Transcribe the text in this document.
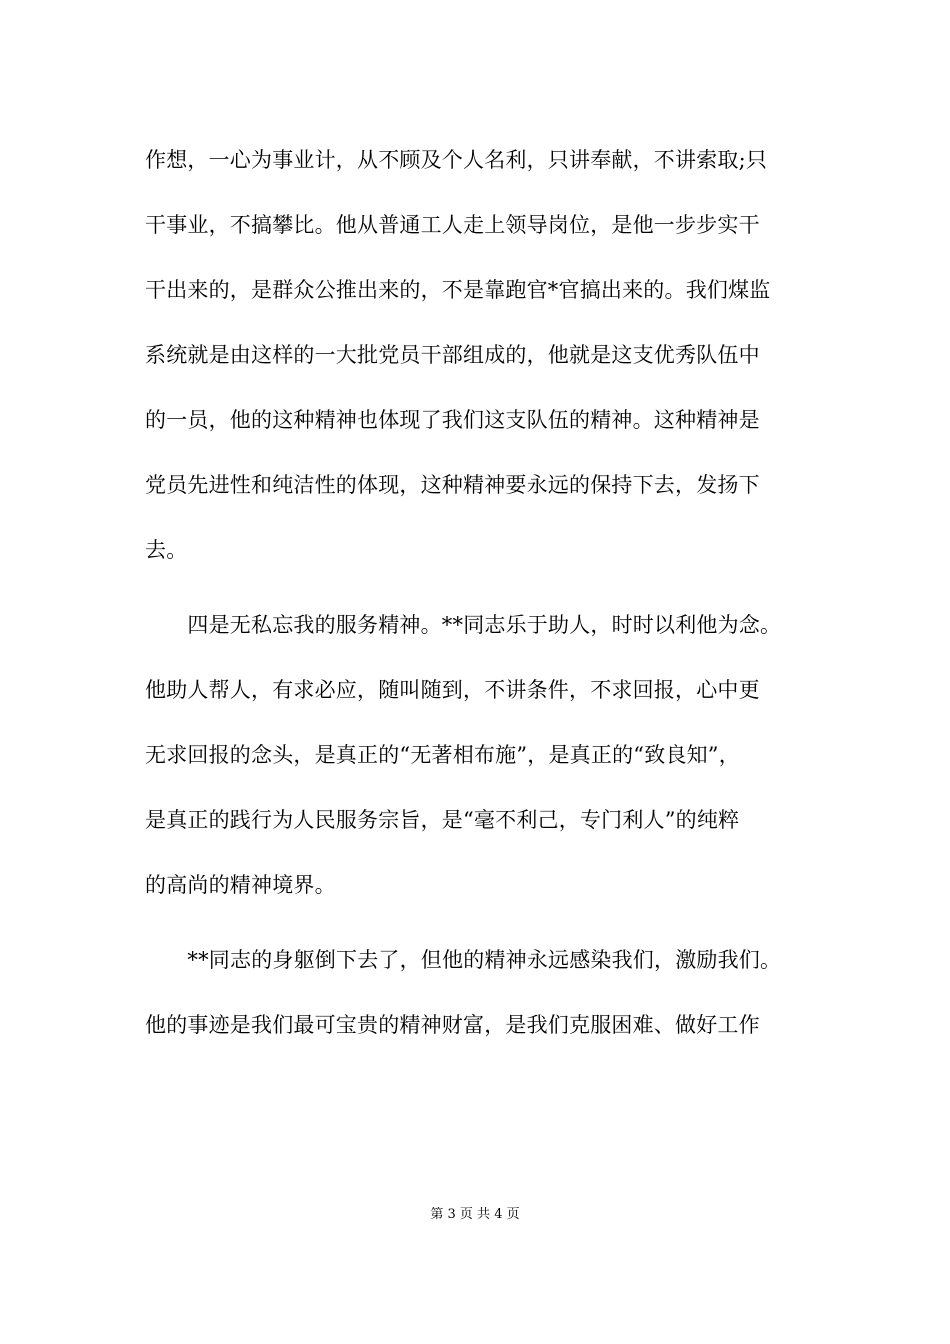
作想，一心为事业计，从不顾及个人名利，只讲奉献，不讲索取;只
干事业，不搞攀比。他从普通工人走上领导岗位，是他一步步实干
干出来的，是群众公推出来的，不是靠跑官*官搞出来的。我们煤监
系统就是由这样的一大批党员干部组成的，他就是这支优秀队伍中
的一员，他的这种精神也体现了我们这支队伍的精神。这种精神是
党员先进性和纯洁性的体现，这种精神要永远的保持下去，发扬下
去。
　　四是无私忘我的服务精神。**同志乐于助人，时时以利他为念。
他助人帮人，有求必应，随叫随到，不讲条件，不求回报，心中更
无求回报的念头，是真正的“无著相布施”，是真正的“致良知”，
是真正的践行为人民服务宗旨，是“毫不利己，专门利人”的纯粹
的高尚的精神境界。
　　**同志的身躯倒下去了，但他的精神永远感染我们，激励我们。
他的事迹是我们最可宝贵的精神财富，是我们克服困难、做好工作
第 3 页 共 4 页
